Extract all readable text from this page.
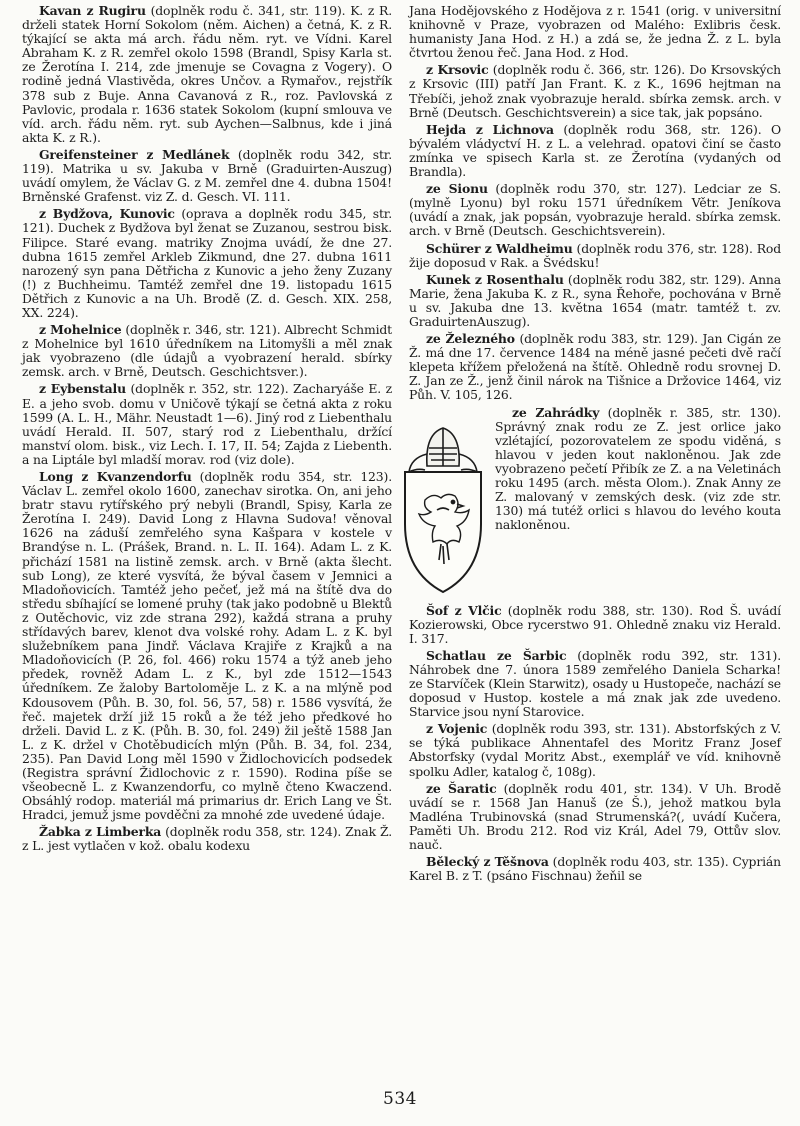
Kavan z Rugiru (doplněk rodu č. 341, str. 119). K. z R. drželi statek Horní Sokolom (něm. Aichen) a četná, K. z R. týkající se akta má arch. řádu něm. ryt. ve Vídni. Karel Abraham K. z R. zemřel okolo 1598 (Brandl, Spisy Karla st. ze Žerotína I. 214, zde jmenuje se Covagna z Vogery). O rodině jedná Vlastivěda, okres Unčov. a Rymařov., rejstřík 378 sub z Buje. Anna Cavanová z R., roz. Pavlovská z Pavlovic, prodala r. 1636 statek Sokolom (kupní smlouva ve víd. arch. řádu něm. ryt. sub Aychen—Salbnus, kde i jiná akta K. z R.).

Greifensteiner z Medlánek (doplněk rodu 342, str. 119). Matrika u sv. Jakuba v Brně (Graduirten-Auszug) uvádí omylem, že Václav G. z M. zemřel dne 4. dubna 1504! Brněnské Grafenst. viz Z. d. Gesch. VI. 111.

z Bydžova, Kunovic (oprava a doplněk rodu 345, str. 121). Duchek z Bydžova byl ženat se Zuzanou, sestrou bisk. Filipce. Staré evang. matriky Znojma uvádí, že dne 27. dubna 1615 zemřel Arkleb Zikmund, dne 27. dubna 1611 narozený syn pana Dětřicha z Kunovic a jeho ženy Zuzany (!) z Buchheimu. Tamtéž zemřel dne 19. listopadu 1615 Dětřich z Kunovic a na Uh. Brodě (Z. d. Gesch. XIX. 258, XX. 224).

z Mohelnice (doplněk r. 346, str. 121). Albrecht Schmidt z Mohelnice byl 1610 úředníkem na Litomyšli a měl znak jak vyobrazeno (dle údajů a vyobrazení herald. sbírky zemsk. arch. v Brně, Deutsch. Geschichtsver.).

z Eybenstalu (doplněk r. 352, str. 122). Zacharyáše E. z E. a jeho svob. domu v Uničově týkají se četná akta z roku 1599 (A. L. H., Mähr. Neustadt 1—6). Jiný rod z Liebenthalu uvádí Herald. II. 507, starý rod z Liebenthalu, držící manství olom. bisk., viz Lech. I. 17, II. 54; Zajda z Liebenth. a na Liptále byl mladší morav. rod (viz dole).

Long z Kvanzendorfu (doplněk rodu 354, str. 123). Václav L. zemřel okolo 1600, zanechav sirotka. On, ani jeho bratr stavu rytířského prý nebyli (Brandl, Spisy, Karla ze Žerotína I. 249). David Long z Hlavna Sudova! věnoval 1626 na záduší zemřelého syna Kašpara v kostele v Brandýse n. L. (Prášek, Brand. n. L. II. 164). Adam L. z K. přichází 1581 na listině zemsk. arch. v Brně (akta šlecht. sub Long), ze které vysvítá, že býval časem v Jemnici a Mladoňovicích. Tamtéž jeho pečeť, jež má na štítě dva do středu sbíhající se lomené pruhy (tak jako podobně u Blektů z Outěchovic, viz zde strana 292), každá strana a pruhy střídavých barev, klenot dva volské rohy. Adam L. z K. byl služebníkem pana Jindř. Václava Krajiře z Krajků a na Mladoňovicích (P. 26, fol. 466) roku 1574 a týž aneb jeho předek, rovněž Adam L. z K., byl zde 1512—1543 úředníkem. Ze žaloby Bartoloměje L. z K. a na mlýně pod Kdousovem (Půh. B. 30, fol. 56, 57, 58) r. 1586 vysvítá, že řeč. majetek drží již 15 roků a že též jeho předkové ho drželi. David L. z K. (Půh. B. 30, fol. 249) žil ještě 1588 Jan L. z K. držel v Chotěbudicích mlýn (Půh. B. 34, fol. 234, 235). Pan David Long měl 1590 v Židlochovicích podsedek (Registra správní Židlochovic z r. 1590). Rodina píše se všeobecně L. z Kwanzendorfu, co mylně čteno Kwaczend. Obsáhlý rodop. materiál má primarius dr. Erich Lang ve Št. Hradci, jemuž jsme povděčni za mnohé zde uvedené údaje.

Žabka z Limberka (doplněk rodu 358, str. 124). Znak Ž. z L. jest vytlačen v kož. obalu kodexu

Jana Hodějovského z Hodějova z r. 1541 (orig. v universitní knihovně v Praze, vyobrazen od Malého: Exlibris česk. humanisty Jana Hod. z H.) a zdá se, že jedna Ž. z L. byla čtvrtou ženou řeč. Jana Hod. z Hod.

z Krsovic (doplněk rodu č. 366, str. 126). Do Krsovských z Krsovic (III) patří Jan Frant. K. z K., 1696 hejtman na Třebíči, jehož znak vyobrazuje herald. sbírka zemsk. arch. v Brně (Deutsch. Geschichtsverein) a sice tak, jak popsáno.

Hejda z Lichnova (doplněk rodu 368, str. 126). O bývalém vládyctví H. z L. a velehrad. opatovi činí se často zmínka ve spisech Karla st. ze Žerotína (vydaných od Brandla).

ze Sionu (doplněk rodu 370, str. 127). Ledciar ze S. (mylně Lyonu) byl roku 1571 úředníkem Větr. Jeníkova (uvádí a znak, jak popsán, vyobrazuje herald. sbírka zemsk. arch. v Brně (Deutsch. Geschichtsverein).

Schürer z Waldheimu (doplněk rodu 376, str. 128). Rod žije doposud v Rak. a Švédsku!

Kunek z Rosenthalu (doplněk rodu 382, str. 129). Anna Marie, žena Jakuba K. z R., syna Řehoře, pochována v Brně u sv. Jakuba dne 13. května 1654 (matr. tamtéž t. zv. GraduirtenAuszug).

ze Železného (doplněk rodu 383, str. 129). Jan Cigán ze Ž. má dne 17. července 1484 na méně jasné pečeti dvě račí klepeta křížem přeložená na štítě. Ohledně rodu srovnej D. Z. Jan ze Ž., jenž činil nárok na Tišnice a Držovice 1464, viz Půh. V. 105, 126.

ze Zahrádky (doplněk r. 385, str. 130). Správný znak rodu ze Z. jest orlice jako vzlétající, pozorovatelem ze spodu viděná, s hlavou v jeden kout nakloněnou. Jak zde vyobrazeno pečetí Přibík ze Z. a na Veletinách roku 1495 (arch. města Olom.). Znak Anny ze Z. malovaný v zemských desk. (viz zde str. 130) má tutéž orlici s hlavou do levého kouta nakloněnou.

Šof z Vlčic (doplněk rodu 388, str. 130). Rod Š. uvádí Kozierowski, Obce rycerstwo 91. Ohledně znaku viz Herald. I. 317.

Schatlau ze Šarbic (doplněk rodu 392, str. 131). Náhrobek dne 7. února 1589 zemřelého Daniela Scharka! ze Starvíček (Klein Starwitz), osady u Hustopeče, nachází se doposud v Hustop. kostele a má znak jak zde uvedeno. Starvice jsou nyní Starovice.

z Vojenic (doplněk rodu 393, str. 131). Abstorfských z V. se týká publikace Ahnentafel des Moritz Franz Josef Abstorfsky (vydal Moritz Abst., exemplář ve víd. knihovně spolku Adler, katalog č, 108g).

ze Šaratic (doplněk rodu 401, str. 134). V Uh. Brodě uvádí se r. 1568 Jan Hanuš (ze Š.), jehož matkou byla Madléna Trubinovská (snad Strumenská?(, uvádí Kučera, Paměti Uh. Brodu 212. Rod viz Král, Adel 79, Ottův slov. nauč.

Bělecký z Těšnova (doplněk rodu 403, str. 135). Cyprián Karel B. z T. (psáno Fischnau) žeňil se

534
